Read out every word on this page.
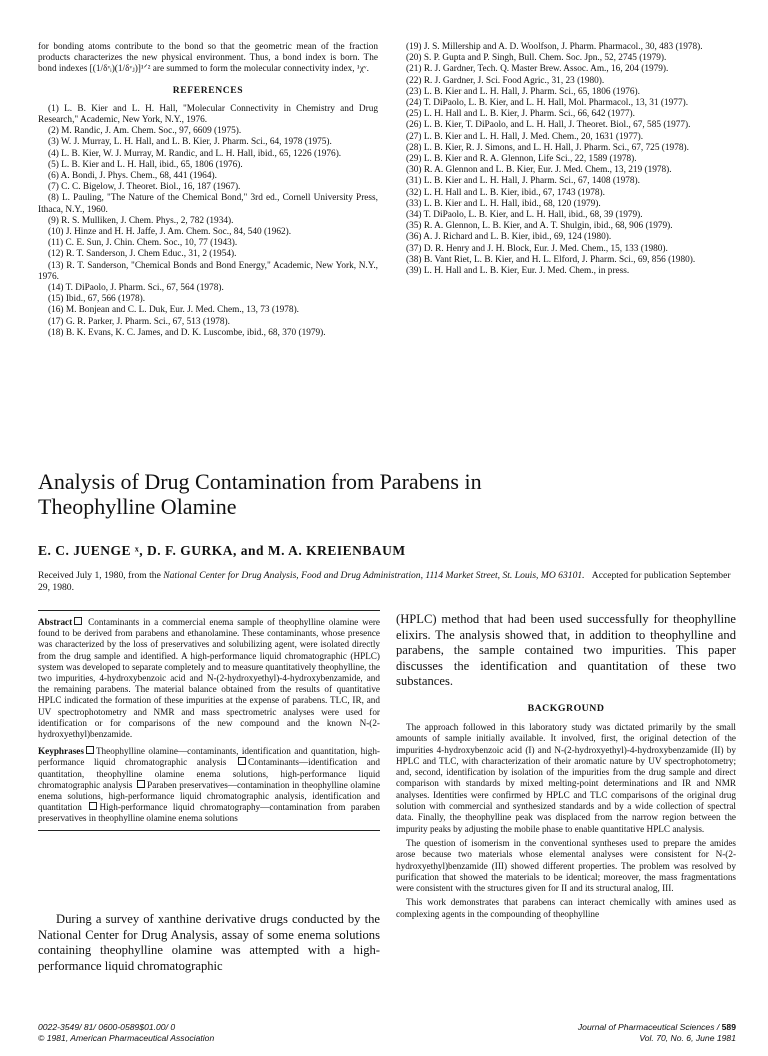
for bonding atoms contribute to the bond so that the geometric mean of the fraction products characterizes the new physical environment. Thus, a bond index is born. The bond indexes [(1/δᵛᵢ)(1/δᵛⱼ)]¹ᐟ² are summed to form the molecular connectivity index, ¹χᵛ.

REFERENCES

(1) L. B. Kier and L. H. Hall, "Molecular Connectivity in Chemistry and Drug Research," Academic, New York, N.Y., 1976.

(2) M. Randic, J. Am. Chem. Soc., 97, 6609 (1975).

(3) W. J. Murray, L. H. Hall, and L. B. Kier, J. Pharm. Sci., 64, 1978 (1975).

(4) L. B. Kier, W. J. Murray, M. Randic, and L. H. Hall, ibid., 65, 1226 (1976).

(5) L. B. Kier and L. H. Hall, ibid., 65, 1806 (1976).

(6) A. Bondi, J. Phys. Chem., 68, 441 (1964).

(7) C. C. Bigelow, J. Theoret. Biol., 16, 187 (1967).

(8) L. Pauling, "The Nature of the Chemical Bond," 3rd ed., Cornell University Press, Ithaca, N.Y., 1960.

(9) R. S. Mulliken, J. Chem. Phys., 2, 782 (1934).

(10) J. Hinze and H. H. Jaffe, J. Am. Chem. Soc., 84, 540 (1962).

(11) C. E. Sun, J. Chin. Chem. Soc., 10, 77 (1943).

(12) R. T. Sanderson, J. Chem Educ., 31, 2 (1954).

(13) R. T. Sanderson, "Chemical Bonds and Bond Energy," Academic, New York, N.Y., 1976.

(14) T. DiPaolo, J. Pharm. Sci., 67, 564 (1978).

(15) Ibid., 67, 566 (1978).

(16) M. Bonjean and C. L. Duk, Eur. J. Med. Chem., 13, 73 (1978).

(17) G. R. Parker, J. Pharm. Sci., 67, 513 (1978).

(18) B. K. Evans, K. C. James, and D. K. Luscombe, ibid., 68, 370 (1979).

(19) J. S. Millership and A. D. Woolfson, J. Pharm. Pharmacol., 30, 483 (1978).

(20) S. P. Gupta and P. Singh, Bull. Chem. Soc. Jpn., 52, 2745 (1979).

(21) R. J. Gardner, Tech. Q. Master Brew. Assoc. Am., 16, 204 (1979).

(22) R. J. Gardner, J. Sci. Food Agric., 31, 23 (1980).

(23) L. B. Kier and L. H. Hall, J. Pharm. Sci., 65, 1806 (1976).

(24) T. DiPaolo, L. B. Kier, and L. H. Hall, Mol. Pharmacol., 13, 31 (1977).

(25) L. H. Hall and L. B. Kier, J. Pharm. Sci., 66, 642 (1977).

(26) L. B. Kier, T. DiPaolo, and L. H. Hall, J. Theoret. Biol., 67, 585 (1977).

(27) L. B. Kier and L. H. Hall, J. Med. Chem., 20, 1631 (1977).

(28) L. B. Kier, R. J. Simons, and L. H. Hall, J. Pharm. Sci., 67, 725 (1978).

(29) L. B. Kier and R. A. Glennon, Life Sci., 22, 1589 (1978).

(30) R. A. Glennon and L. B. Kier, Eur. J. Med. Chem., 13, 219 (1978).

(31) L. B. Kier and L. H. Hall, J. Pharm. Sci., 67, 1408 (1978).

(32) L. H. Hall and L. B. Kier, ibid., 67, 1743 (1978).

(33) L. B. Kier and L. H. Hall, ibid., 68, 120 (1979).

(34) T. DiPaolo, L. B. Kier, and L. H. Hall, ibid., 68, 39 (1979).

(35) R. A. Glennon, L. B. Kier, and A. T. Shulgin, ibid., 68, 906 (1979).

(36) A. J. Richard and L. B. Kier, ibid., 69, 124 (1980).

(37) D. R. Henry and J. H. Block, Eur. J. Med. Chem., 15, 133 (1980).

(38) B. Vant Riet, L. B. Kier, and H. L. Elford, J. Pharm. Sci., 69, 856 (1980).

(39) L. H. Hall and L. B. Kier, Eur. J. Med. Chem., in press.

Analysis of Drug Contamination from Parabens in
Theophylline Olamine
E. C. JUENGE ˣ, D. F. GURKA, and M. A. KREIENBAUM
Received July 1, 1980, from the National Center for Drug Analysis, Food and Drug Administration, 1114 Market Street, St. Louis, MO 63101. Accepted for publication September 29, 1980.

Abstract Contaminants in a commercial enema sample of theophylline olamine were found to be derived from parabens and ethanolamine. These contaminants, whose presence was characterized by the loss of preservatives and solubilizing agent, were isolated directly from the drug sample and identified. A high-performance liquid chromatographic (HPLC) system was developed to separate completely and to measure quantitatively theophylline, the two impurities, 4-hydroxybenzoic acid and N-(2-hydroxyethyl)-4-hydroxybenzamide, and the remaining parabens. The material balance obtained from the results of quantitative HPLC indicated the formation of these impurities at the expense of parabens. TLC, IR, and UV spectrophotometry and NMR and mass spectrometric analyses were used for identification or for comparisons of the new compound and the known N-(2-hydroxyethyl)benzamide.

Keyphrases Theophylline olamine—contaminants, identification and quantitation, high-performance liquid chromatographic analysis Contaminants—identification and quantitation, theophylline olamine enema solutions, high-performance liquid chromatographic analysis Paraben preservatives—contamination in theophylline olamine enema solutions, high-performance liquid chromatographic analysis, identification and quantitation High-performance liquid chromatography—contamination from paraben preservatives in theophylline olamine enema solutions

During a survey of xanthine derivative drugs conducted by the National Center for Drug Analysis, assay of some enema solutions containing theophylline olamine was attempted with a high-performance liquid chromatographic

(HPLC) method that had been used successfully for theophylline elixirs. The analysis showed that, in addition to theophylline and parabens, the sample contained two impurities. This paper discusses the identification and quantitation of these two substances.

BACKGROUND

The approach followed in this laboratory study was dictated primarily by the small amounts of sample initially available. It involved, first, the original detection of the impurities 4-hydroxybenzoic acid (I) and N-(2-hydroxyethyl)-4-hydroxybenzamide (II) by HPLC and TLC, with characterization of their aromatic nature by UV spectrophotometry; and, second, identification by isolation of the impurities from the drug sample and direct comparison with standards by mixed melting-point determinations and IR and NMR analyses. Identities were confirmed by HPLC and TLC comparisons of the original drug solution with commercial and synthesized standards and by a wide collection of spectral data. Finally, the theophylline peak was displaced from the narrow region between the impurity peaks by adjusting the mobile phase to enable quantitative HPLC analysis.

The question of isomerism in the conventional syntheses used to prepare the amides arose because two materials whose elemental analyses were consistent for N-(2-hydroxyethyl)benzamide (III) showed different properties. The problem was resolved by purification that showed the materials to be identical; moreover, the mass fragmentations were consistent with the structures given for II and its structural analog, III.

This work demonstrates that parabens can interact chemically with amines used as complexing agents in the compounding of theophylline

0022-3549/ 81/ 0600-0589$01.00/ 0
© 1981, American Pharmaceutical Association
Journal of Pharmaceutical Sciences / 589
Vol. 70, No. 6, June 1981
